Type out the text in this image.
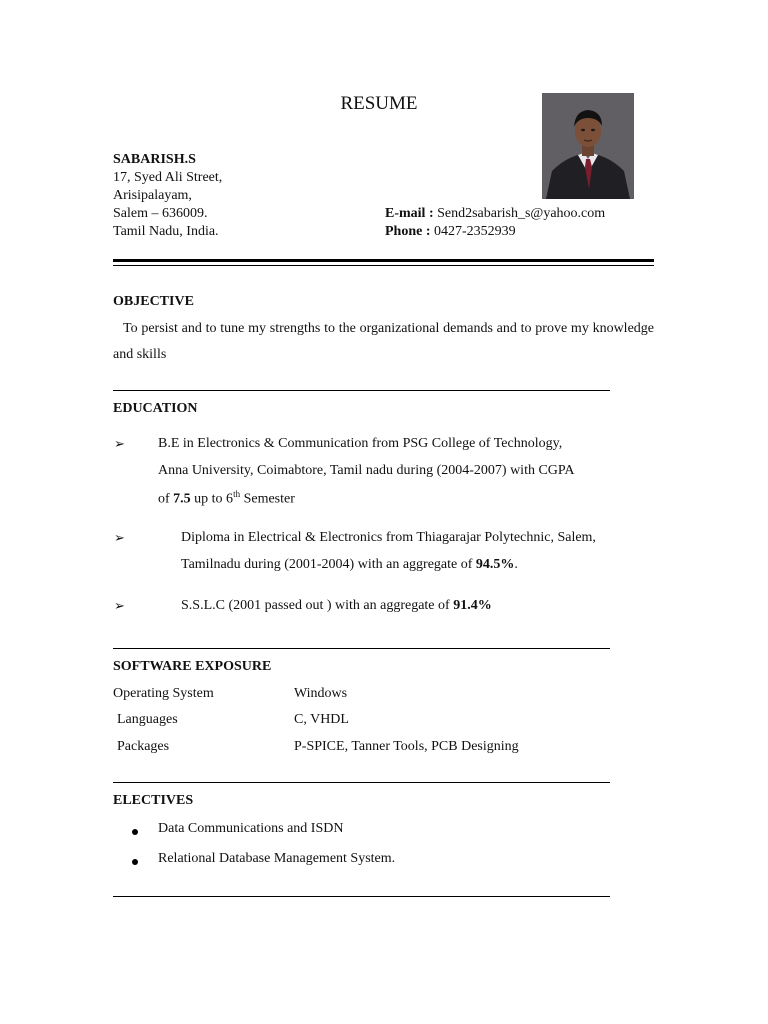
RESUME
SABARISH.S
17, Syed Ali Street,
Arisipalayam,
Salem – 636009.
Tamil Nadu, India.
E-mail : Send2sabarish_s@yahoo.com
Phone : 0427-2352939
OBJECTIVE
To persist and to tune my strengths to the organizational demands and to prove my knowledge and skills
EDUCATION
➢ B.E in Electronics & Communication from PSG College of Technology,
Anna University, Coimabtore, Tamil nadu during (2004-2007) with CGPA
of 7.5 up to 6th Semester
➢	Diploma in Electrical & Electronics from Thiagarajar Polytechnic, Salem,
Tamilnadu during (2001-2004) with an aggregate of 94.5%.
➢	S.S.L.C (2001 passed out ) with an aggregate of 91.4%
SOFTWARE EXPOSURE
Operating System	Windows
Languages	C, VHDL
Packages	P-SPICE, Tanner Tools, PCB Designing
ELECTIVES
Data Communications and ISDN
Relational Database Management System.
